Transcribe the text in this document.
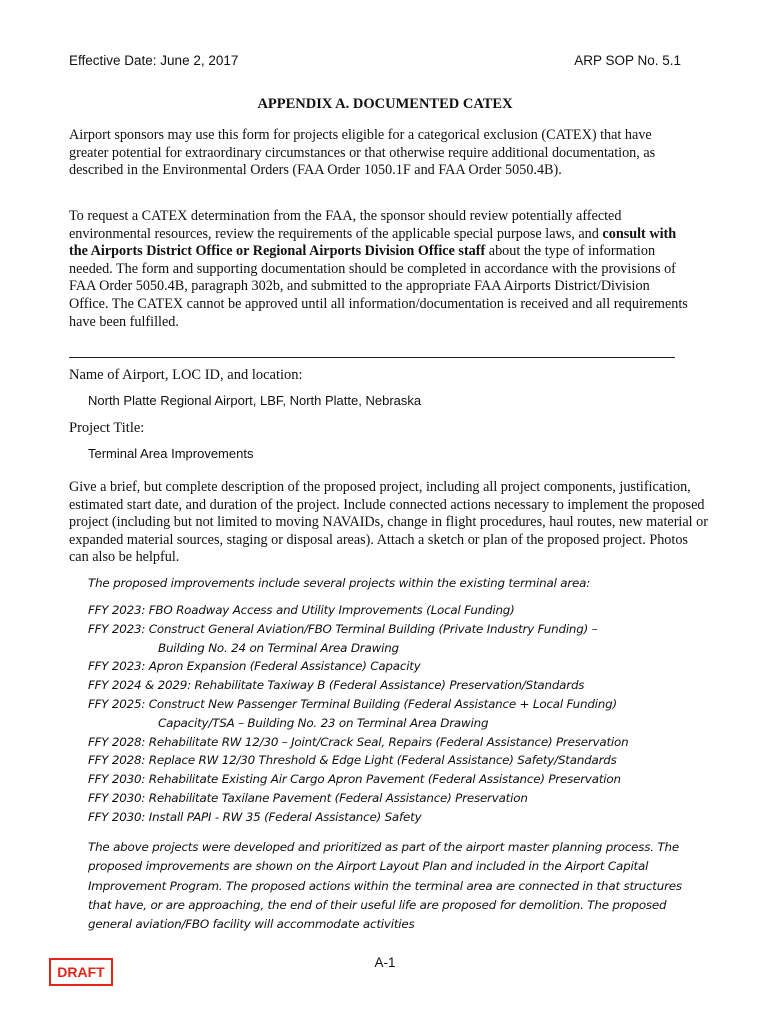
Effective Date: June 2, 2017	ARP SOP No. 5.1
APPENDIX A. DOCUMENTED CATEX

Airport sponsors may use this form for projects eligible for a categorical exclusion (CATEX) that have greater potential for extraordinary circumstances or that otherwise require additional documentation, as described in the Environmental Orders (FAA Order 1050.1F and FAA Order 5050.4B).

To request a CATEX determination from the FAA, the sponsor should review potentially affected environmental resources, review the requirements of the applicable special purpose laws, and consult with the Airports District Office or Regional Airports Division Office staff about the type of information needed. The form and supporting documentation should be completed in accordance with the provisions of FAA Order 5050.4B, paragraph 302b, and submitted to the appropriate FAA Airports District/Division Office. The CATEX cannot be approved until all information/documentation is received and all requirements have been fulfilled.

Name of Airport, LOC ID, and location:
North Platte Regional Airport, LBF, North Platte, Nebraska
Project Title:
Terminal Area Improvements

Give a brief, but complete description of the proposed project, including all project components, justification, estimated start date, and duration of the project. Include connected actions necessary to implement the proposed project (including but not limited to moving NAVAIDs, change in flight procedures, haul routes, new material or expanded material sources, staging or disposal areas). Attach a sketch or plan of the proposed project. Photos can also be helpful.

The proposed improvements include several projects within the existing terminal area:
FFY 2023: FBO Roadway Access and Utility Improvements (Local Funding)
FFY 2023: Construct General Aviation/FBO Terminal Building (Private Industry Funding) –
Building No. 24 on Terminal Area Drawing
FFY 2023: Apron Expansion (Federal Assistance) Capacity
FFY 2024 & 2029: Rehabilitate Taxiway B (Federal Assistance) Preservation/Standards
FFY 2025: Construct New Passenger Terminal Building (Federal Assistance + Local Funding)
Capacity/TSA – Building No. 23 on Terminal Area Drawing
FFY 2028: Rehabilitate RW 12/30 – Joint/Crack Seal, Repairs (Federal Assistance) Preservation
FFY 2028: Replace RW 12/30 Threshold & Edge Light (Federal Assistance) Safety/Standards
FFY 2030: Rehabilitate Existing Air Cargo Apron Pavement (Federal Assistance) Preservation
FFY 2030: Rehabilitate Taxilane Pavement (Federal Assistance) Preservation
FFY 2030: Install PAPI - RW 35 (Federal Assistance) Safety

The above projects were developed and prioritized as part of the airport master planning process. The proposed improvements are shown on the Airport Layout Plan and included in the Airport Capital Improvement Program. The proposed actions within the terminal area are connected in that structures that have, or are approaching, the end of their useful life are proposed for demolition. The proposed general aviation/FBO facility will accommodate activities

A-1
DRAFT
